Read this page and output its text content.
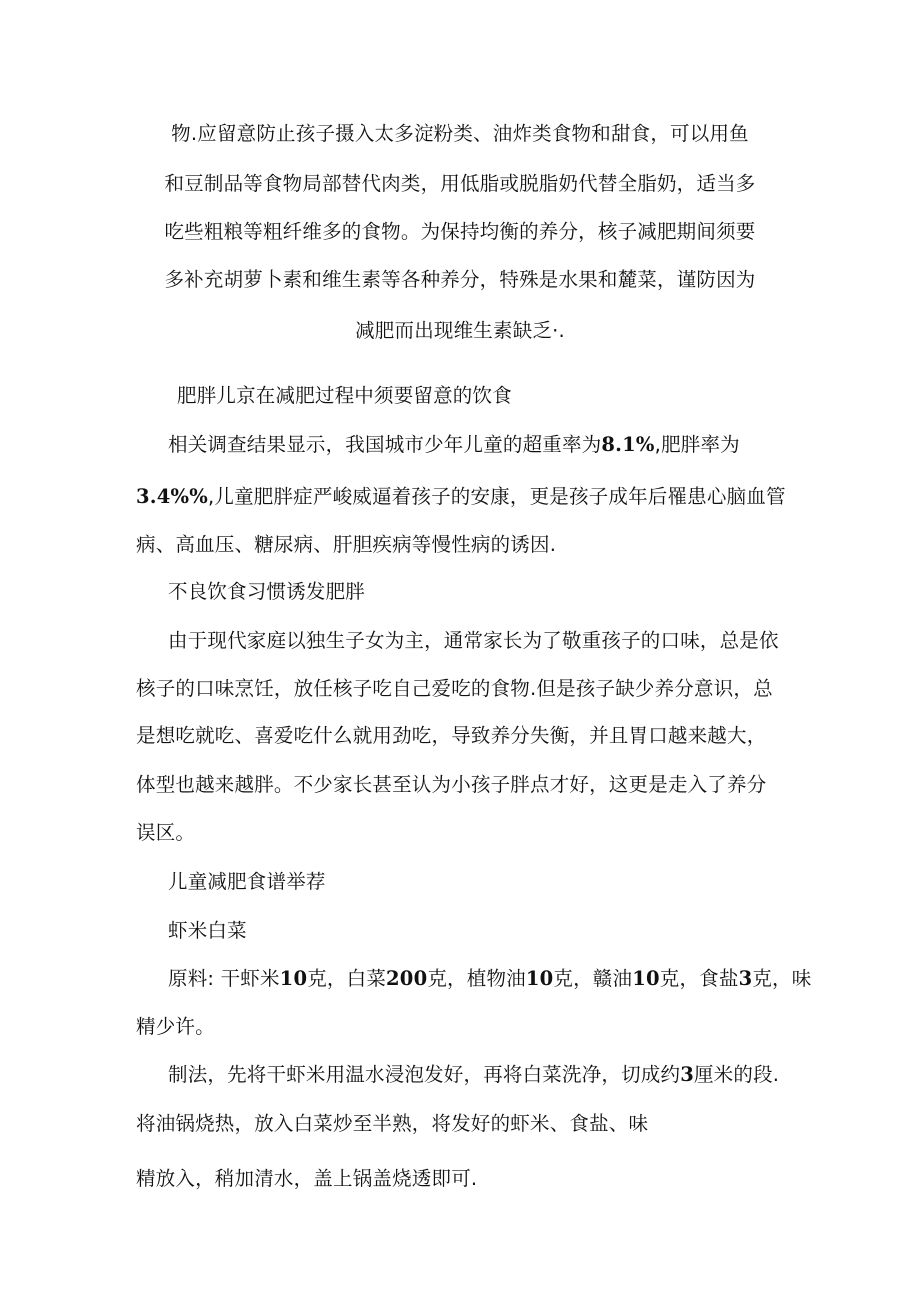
物.应留意防止孩子摄入太多淀粉类、油炸类食物和甜食，可以用鱼
和豆制品等食物局部替代肉类，用低脂或脱脂奶代替全脂奶，适当多
吃些粗粮等粗纤维多的食物。为保持均衡的养分，核子减肥期间须要
多补充胡萝卜素和维生素等各种养分，特殊是水果和麓菜，谨防因为
减肥而出现维生素缺乏·.
肥胖儿京在减肥过程中须要留意的饮食
相关调查结果显示，我国城市少年儿童的超重率为8.1%,肥胖率为
3.4%%,儿童肥胖症严峻威逼着孩子的安康，更是孩子成年后罹患心脑血管
病、高血压、糖尿病、肝胆疾病等慢性病的诱因.
不良饮食习惯诱发肥胖
由于现代家庭以独生子女为主，通常家长为了敬重孩子的口味，总是依
核子的口味烹饪，放任核子吃自己爱吃的食物.但是孩子缺少养分意识，总
是想吃就吃、喜爱吃什么就用劲吃，导致养分失衡，并且胃口越来越大，
体型也越来越胖。不少家长甚至认为小孩子胖点才好，这更是走入了养分
误区。
儿童减肥食谱举荐
虾米白菜
原料: 干虾米10克，白菜200克，植物油10克，赣油10克，食盐3克，味
精少许。
制法，先将干虾米用温水浸泡发好，再将白菜洗净，切成约3厘米的段.
将油锅烧热，放入白菜炒至半熟，将发好的虾米、食盐、味
精放入，稍加清水，盖上锅盖烧透即可.
